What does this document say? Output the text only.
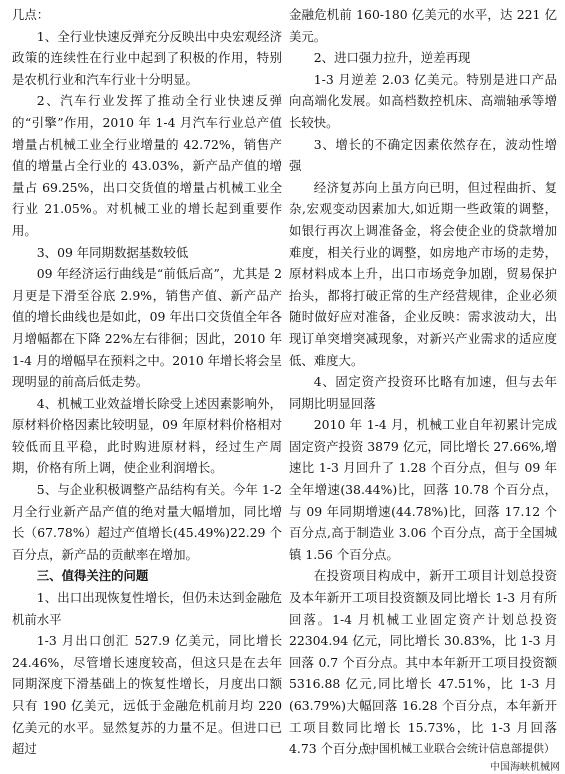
几点：

1、全行业快速反弹充分反映出中央宏观经济政策的连续性在行业中起到了积极的作用，特别是农机行业和汽车行业十分明显。

2、汽车行业发挥了推动全行业快速反弹的“引擎”作用，2010 年 1-4 月汽车行业总产值增量占机械工业全行业增量的 42.72%，销售产值的增量占全行业的 43.03%，新产品产值的增量占 69.25%，出口交货值的增量占机械工业全行业 21.05%。对机械工业的增长起到重要作用。

3、09 年同期数据基数较低

09 年经济运行曲线是“前低后高”，尤其是 2 月更是下滑至谷底 2.9%，销售产值、新产品产值的增长曲线也是如此，09 年出口交货值全年各月增幅都在下降 22%左右徘徊；因此，2010 年 1-4 月的增幅早在预料之中。2010 年增长将会呈现明显的前高后低走势。

4、机械工业效益增长除受上述因素影响外，原材料价格因素比较明显，09 年原材料价格相对较低而且平稳，此时购进原材料，经过生产周期，价格有所上调，使企业利润增长。

5、与企业积极调整产品结构有关。今年 1-2 月全行业新产品产值的绝对量大幅增加，同比增长（67.78%）超过产值增长(45.49%)22.29 个百分点，新产品的贡献率在增加。

三、值得关注的问题

1、出口出现恢复性增长，但仍未达到金融危机前水平

1-3 月出口创汇 527.9 亿美元，同比增长 24.46%，尽管增长速度较高，但这只是在去年同期深度下滑基础上的恢复性增长，月度出口额只有 190 亿美元，远低于金融危机前月均 220 亿美元的水平。显然复苏的力量不足。但进口已超过

金融危机前 160-180 亿美元的水平，达 221 亿美元。

2、进口强力拉升，逆差再现

1-3 月逆差 2.03 亿美元。特别是进口产品向高端化发展。如高档数控机床、高端轴承等增长较快。

3、增长的不确定因素依然存在，波动性增强

经济复苏向上虽方向已明，但过程曲折、复杂,宏观变动因素加大,如近期一些政策的调整，如银行再次上调准备金，将会使企业的贷款增加难度，相关行业的调整，如房地产市场的走势，原材料成本上升，出口市场竞争加剧，贸易保护抬头，都将打破正常的生产经营规律，企业必须随时做好应对准备，企业反映：需求波动大，出现订单突增突减现象，对新兴产业需求的适应度低、难度大。

4、固定资产投资环比略有加速，但与去年同期比明显回落

2010 年 1-4 月，机械工业自年初累计完成固定资产投资 3879 亿元，同比增长 27.66%,增速比 1-3 月回升了 1.28 个百分点，但与 09 年全年增速(38.44%)比，回落 10.78 个百分点，与 09 年同期增速(44.78%)比，回落 17.12 个百分点,高于制造业 3.06 个百分点，高于全国城镇 1.56 个百分点。

在投资项目构成中，新开工项目计划总投资及本年新开工项目投资额及同比增长 1-3 月有所回落。1-4 月机械工业固定资产计划总投资 22304.94 亿元，同比增长 30.83%，比 1-3 月回落 0.7 个百分点。其中本年新开工项目投资额 5316.88 亿元,同比增长 47.51%，比 1-3 月(63.79%)大幅回落 16.28 个百分点，本年新开工项目数同比增长 15.73%，比 1-3 月回落 4.73 个百分点。

（中国机械工业联合会统计信息部提供）
中国海峡机械网
